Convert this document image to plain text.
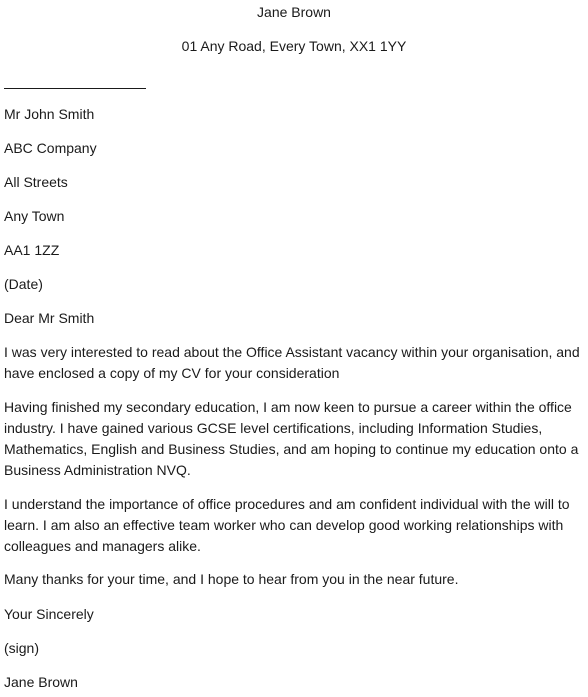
Jane Brown
01 Any Road, Every Town, XX1 1YY
Mr John Smith
ABC Company
All Streets
Any Town
AA1 1ZZ
(Date)
Dear Mr Smith
I was very interested to read about the Office Assistant vacancy within your organisation, and have enclosed a copy of my CV for your consideration
Having finished my secondary education, I am now keen to pursue a career within the office industry. I have gained various GCSE level certifications, including Information Studies, Mathematics, English and Business Studies, and am hoping to continue my education onto a Business Administration NVQ.
I understand the importance of office procedures and am confident individual with the will to learn. I am also an effective team worker who can develop good working relationships with colleagues and managers alike.
Many thanks for your time, and I hope to hear from you in the near future.
Your Sincerely
(sign)
Jane Brown
